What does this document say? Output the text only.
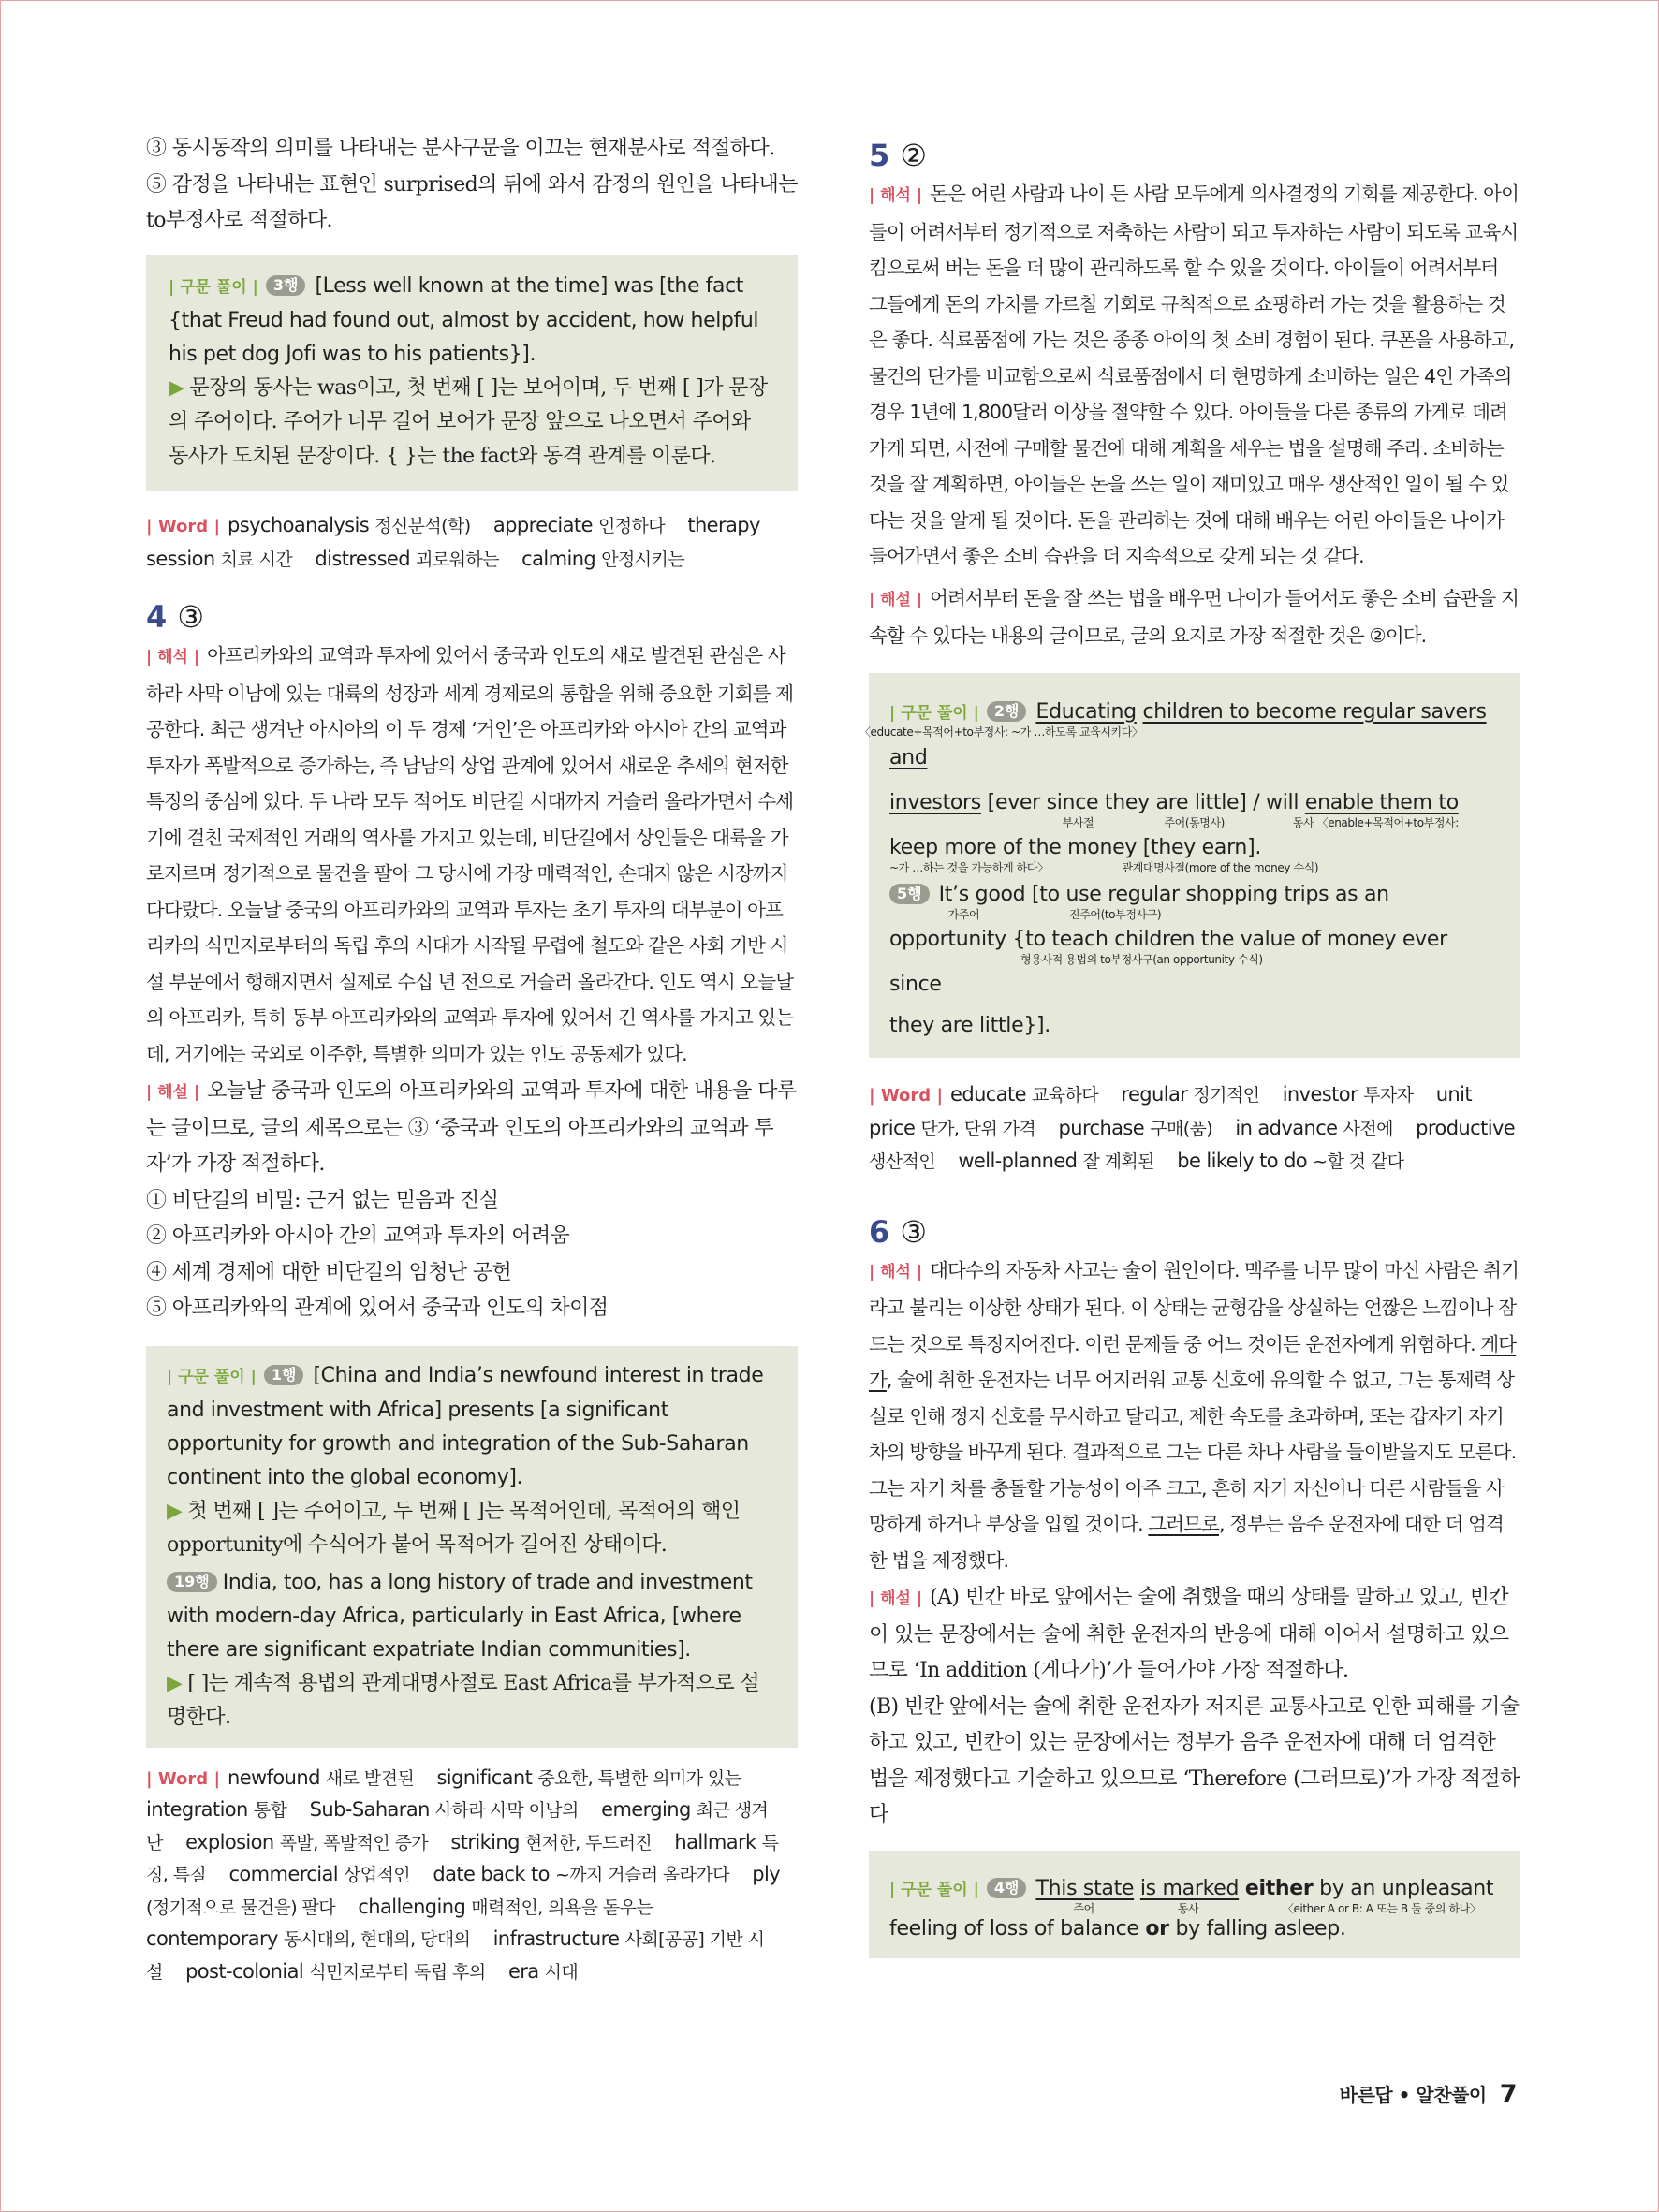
③ 동시동작의 의미를 나타내는 분사구문을 이끄는 현재분사로 적절하다.

⑤ 감정을 나타내는 표현인 surprised의 뒤에 와서 감정의 원인을 나타내는 to부정사로 적절하다.

| 구문 풀이 | 3행 [Less well known at the time] was [the fact {that Freud had found out, almost by accident, how helpful his pet dog Jofi was to his patients}].

▶ 문장의 동사는 was이고, 첫 번째 [ ]는 보어이며, 두 번째 [ ]가 문장의 주어이다. 주어가 너무 길어 보어가 문장 앞으로 나오면서 주어와 동사가 도치된 문장이다. { }는 the fact와 동격 관계를 이룬다.

| Word | psychoanalysis 정신분석(학) appreciate 인정하다 therapy session 치료 시간 distressed 괴로워하는 calming 안정시키는

4 ③

| 해석 | 아프리카와의 교역과 투자에 있어서 중국과 인도의 새로 발견된 관심은 사하라 사막 이남에 있는 대륙의 성장과 세계 경제로의 통합을 위해 중요한 기회를 제공한다. 최근 생겨난 아시아의 이 두 경제 ‘거인’은 아프리카와 아시아 간의 교역과 투자가 폭발적으로 증가하는, 즉 남남의 상업 관계에 있어서 새로운 추세의 현저한 특징의 중심에 있다. 두 나라 모두 적어도 비단길 시대까지 거슬러 올라가면서 수세기에 걸친 국제적인 거래의 역사를 가지고 있는데, 비단길에서 상인들은 대륙을 가로지르며 정기적으로 물건을 팔아 그 당시에 가장 매력적인, 손대지 않은 시장까지 다다랐다. 오늘날 중국의 아프리카와의 교역과 투자는 초기 투자의 대부분이 아프리카의 식민지로부터의 독립 후의 시대가 시작될 무렵에 철도와 같은 사회 기반 시설 부문에서 행해지면서 실제로 수십 년 전으로 거슬러 올라간다. 인도 역시 오늘날의 아프리카, 특히 동부 아프리카와의 교역과 투자에 있어서 긴 역사를 가지고 있는데, 거기에는 국외로 이주한, 특별한 의미가 있는 인도 공동체가 있다.

| 해설 | 오늘날 중국과 인도의 아프리카와의 교역과 투자에 대한 내용을 다루는 글이므로, 글의 제목으로는 ③ ‘중국과 인도의 아프리카와의 교역과 투자’가 가장 적절하다.

① 비단길의 비밀: 근거 없는 믿음과 진실

② 아프리카와 아시아 간의 교역과 투자의 어려움

④ 세계 경제에 대한 비단길의 엄청난 공헌

⑤ 아프리카와의 관계에 있어서 중국과 인도의 차이점

| 구문 풀이 | 1행 [China and India’s newfound interest in trade and investment with Africa] presents [a significant opportunity for growth and integration of the Sub-Saharan continent into the global economy].

▶ 첫 번째 [ ]는 주어이고, 두 번째 [ ]는 목적어인데, 목적어의 핵인 opportunity에 수식어가 붙어 목적어가 길어진 상태이다.

19행 India, too, has a long history of trade and investment with modern-day Africa, particularly in East Africa, [where there are significant expatriate Indian communities].

▶ [ ]는 계속적 용법의 관계대명사절로 East Africa를 부가적으로 설명한다.

| Word | newfound 새로 발견된 significant 중요한, 특별한 의미가 있는    integration 통합 Sub-Saharan 사하라 사막 이남의 emerging 최근 생겨난 explosion 폭발, 폭발적인 증가 striking 현저한, 두드러진 hallmark 특징, 특질 commercial 상업적인 date back to ~까지 거슬러 올라가다 ply (정기적으로 물건을) 팔다 challenging 매력적인, 의욕을 돋우는    contemporary 동시대의, 현대의, 당대의 infrastructure 사회[공공] 기반 시설 post-colonial 식민지로부터 독립 후의 era 시대

5 ②

| 해석 | 돈은 어린 사람과 나이 든 사람 모두에게 의사결정의 기회를 제공한다. 아이들이 어려서부터 정기적으로 저축하는 사람이 되고 투자하는 사람이 되도록 교육시킴으로써 버는 돈을 더 많이 관리하도록 할 수 있을 것이다. 아이들이 어려서부터 그들에게 돈의 가치를 가르칠 기회로 규칙적으로 쇼핑하러 가는 것을 활용하는 것은 좋다. 식료품점에 가는 것은 종종 아이의 첫 소비 경험이 된다. 쿠폰을 사용하고, 물건의 단가를 비교함으로써 식료품점에서 더 현명하게 소비하는 일은 4인 가족의 경우 1년에 1,800달러 이상을 절약할 수 있다. 아이들을 다른 종류의 가게로 데려가게 되면, 사전에 구매할 물건에 대해 계획을 세우는 법을 설명해 주라. 소비하는 것을 잘 계획하면, 아이들은 돈을 쓰는 일이 재미있고 매우 생산적인 일이 될 수 있다는 것을 알게 될 것이다. 돈을 관리하는 것에 대해 배우는 어린 아이들은 나이가 들어가면서 좋은 소비 습관을 더 지속적으로 갖게 되는 것 같다.

| 해설 | 어려서부터 돈을 잘 쓰는 법을 배우면 나이가 들어서도 좋은 소비 습관을 지속할 수 있다는 내용의 글이므로, 글의 요지로 가장 적절한 것은 ②이다.

| 구문 풀이 | 2행 Educating children to become regular savers and
〈educate+목적어+to부정사: ~가 …하도록 교육시키다〉

investors
주어(동명사)
[ever since they are little]
부사절
/ will enable them to
동사 〈enable+목적어+to부정사:

keep
~가 …하는 것을 가능하게 하다〉
more of the money [they earn].
관계대명사절(more of the money 수식)

5행 It’s good
가주어
[to use regular shopping trips as an
진주어(to부정사구)

opportunity {to teach children the value of money ever since
형용사적 용법의 to부정사구(an opportunity 수식)

they are little}].

| Word | educate 교육하다 regular 정기적인 investor 투자자 unit price 단가, 단위 가격 purchase 구매(품) in advance 사전에 productive 생산적인 well-planned 잘 계획된 be likely to do ~할 것 같다

6 ③

| 해석 | 대다수의 자동차 사고는 술이 원인이다. 맥주를 너무 많이 마신 사람은 취기라고 불리는 이상한 상태가 된다. 이 상태는 균형감을 상실하는 언짢은 느낌이나 잠드는 것으로 특징지어진다. 이런 문제들 중 어느 것이든 운전자에게 위험하다. 게다가, 술에 취한 운전자는 너무 어지러워 교통 신호에 유의할 수 없고, 그는 통제력 상실로 인해 정지 신호를 무시하고 달리고, 제한 속도를 초과하며, 또는 갑자기 자기 차의 방향을 바꾸게 된다. 결과적으로 그는 다른 차나 사람을 들이받을지도 모른다. 그는 자기 차를 충돌할 가능성이 아주 크고, 흔히 자기 자신이나 다른 사람들을 사망하게 하거나 부상을 입힐 것이다. 그러므로, 정부는 음주 운전자에 대한 더 엄격한 법을 제정했다.

| 해설 | (A) 빈칸 바로 앞에서는 술에 취했을 때의 상태를 말하고 있고, 빈칸이 있는 문장에서는 술에 취한 운전자의 반응에 대해 이어서 설명하고 있으므로 ‘In addition (게다가)’가 들어가야 가장 적절하다.

(B) 빈칸 앞에서는 술에 취한 운전자가 저지른 교통사고로 인한 피해를 기술하고 있고, 빈칸이 있는 문장에서는 정부가 음주 운전자에 대해 더 엄격한 법을 제정했다고 기술하고 있으므로 ‘Therefore (그러므로)’가 가장 적절하다

| 구문 풀이 | 4행 This state
주어
is marked
동사
either
〈either A or B: A 또는 B 둘 중의 하나〉
by an unpleasant

feeling of loss of balance or by falling asleep.

바른답 • 알찬풀이 7
